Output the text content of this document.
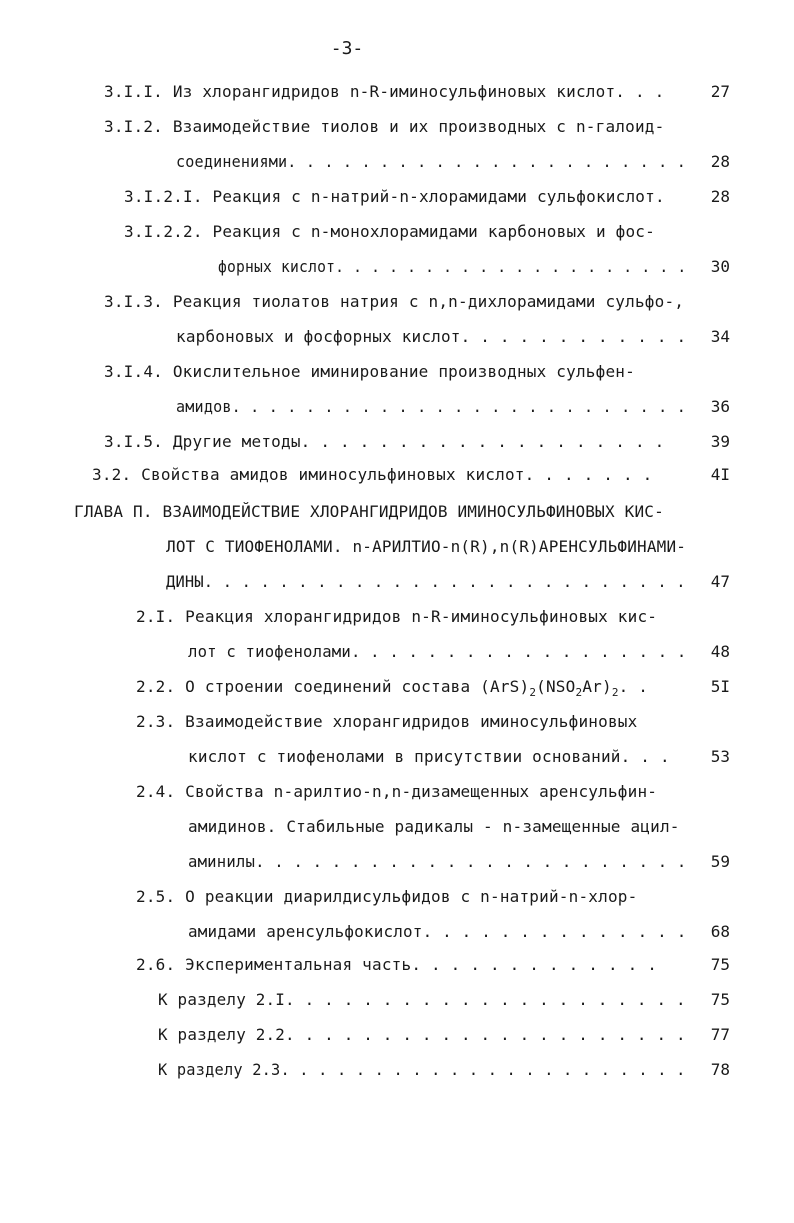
-3-
3.I.I. Из хлорангидридов n-R-иминосульфиновых кислот. . .	27
3.I.2. Взаимодействие тиолов и их производных с n-галоид-
соединениями. . . . . . . . . . . . . . . . . . . . . .	28
3.I.2.I. Реакция с n-натрий-n-хлорамидами сульфокислот.	28
3.I.2.2. Реакция с n-монохлорамидами карбоновых и фос-
форных кислот. . . . . . . . . . . . . . . . . . . .	30
3.I.3. Реакция тиолатов натрия с n,n-дихлорамидами сульфо-,
карбоновых и фосфорных кислот. . . . . . . . . . . .	34
3.I.4. Окислительное иминирование производных сульфен-
амидов. . . . . . . . . . . . . . . . . . . . . . . . .	36
3.I.5. Другие методы. . . . . . . . . . . . . . . . . . .	39
3.2. Свойства амидов иминосульфиновых кислот. . . . . . .	4I
ГЛАВА П. ВЗАИМОДЕЙСТВИЕ ХЛОРАНГИДРИДОВ ИМИНОСУЛЬФИНОВЫХ КИС-
ЛОТ С ТИОФЕНОЛАМИ. n-АРИЛТИО-n(R),n(R)АРЕНСУЛЬФИНАМИ-
ДИНЫ. . . . . . . . . . . . . . . . . . . . . . . . . .	47
2.I. Реакция хлорангидридов n-R-иминосульфиновых кис-
лот с тиофенолами. . . . . . . . . . . . . . . . . .	48
2.2. О строении соединений состава $(ArS)_2(NSO_2Ar)_2$. .	5I
2.3. Взаимодействие хлорангидридов иминосульфиновых
кислот с тиофенолами в присутствии оснований. . .	53
2.4. Свойства n-арилтио-n,n-дизамещенных аренсульфин-
амидинов. Стабильные радикалы - n-замещенные ацил-
аминилы. . . . . . . . . . . . . . . . . . . . . . .	59
2.5. О реакции диарилдисульфидов с n-натрий-n-хлор-
амидами аренсульфокислот. . . . . . . . . . . . . .	68
2.6. Экспериментальная часть. . . . . . . . . . . . .	75
К разделу 2.I. . . . . . . . . . . . . . . . . . . . .	75
К разделу 2.2. . . . . . . . . . . . . . . . . . . . .	77
К разделу 2.3. . . . . . . . . . . . . . . . . . . . . .	78
